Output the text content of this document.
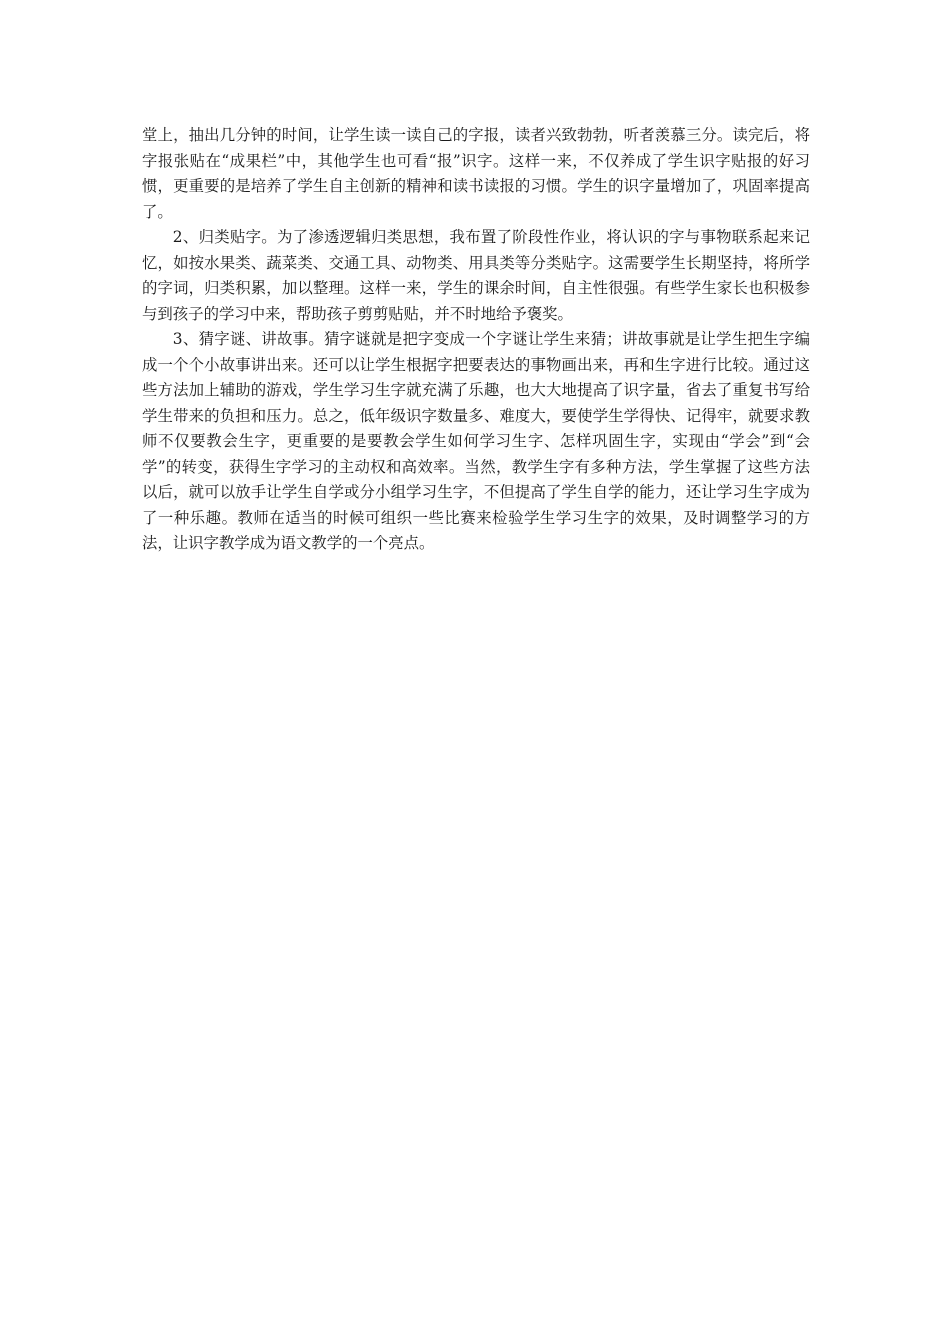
堂上，抽出几分钟的时间，让学生读一读自己的字报，读者兴致勃勃，听者羡慕三分。读完后，将字报张贴在“成果栏”中，其他学生也可看“报”识字。这样一来，不仅养成了学生识字贴报的好习惯，更重要的是培养了学生自主创新的精神和读书读报的习惯。学生的识字量增加了，巩固率提高了。

2、归类贴字。为了渗透逻辑归类思想，我布置了阶段性作业，将认识的字与事物联系起来记忆，如按水果类、蔬菜类、交通工具、动物类、用具类等分类贴字。这需要学生长期坚持，将所学的字词，归类积累，加以整理。这样一来，学生的课余时间，自主性很强。有些学生家长也积极参与到孩子的学习中来，帮助孩子剪剪贴贴，并不时地给予褒奖。

3、猜字谜、讲故事。猜字谜就是把字变成一个字谜让学生来猜；讲故事就是让学生把生字编成一个个小故事讲出来。还可以让学生根据字把要表达的事物画出来，再和生字进行比较。通过这些方法加上辅助的游戏，学生学习生字就充满了乐趣，也大大地提高了识字量，省去了重复书写给学生带来的负担和压力。总之，低年级识字数量多、难度大，要使学生学得快、记得牢，就要求教师不仅要教会生字，更重要的是要教会学生如何学习生字、怎样巩固生字，实现由“学会”到“会学”的转变，获得生字学习的主动权和高效率。当然，教学生字有多种方法，学生掌握了这些方法以后，就可以放手让学生自学或分小组学习生字，不但提高了学生自学的能力，还让学习生字成为了一种乐趣。教师在适当的时候可组织一些比赛来检验学生学习生字的效果，及时调整学习的方法，让识字教学成为语文教学的一个亮点。
